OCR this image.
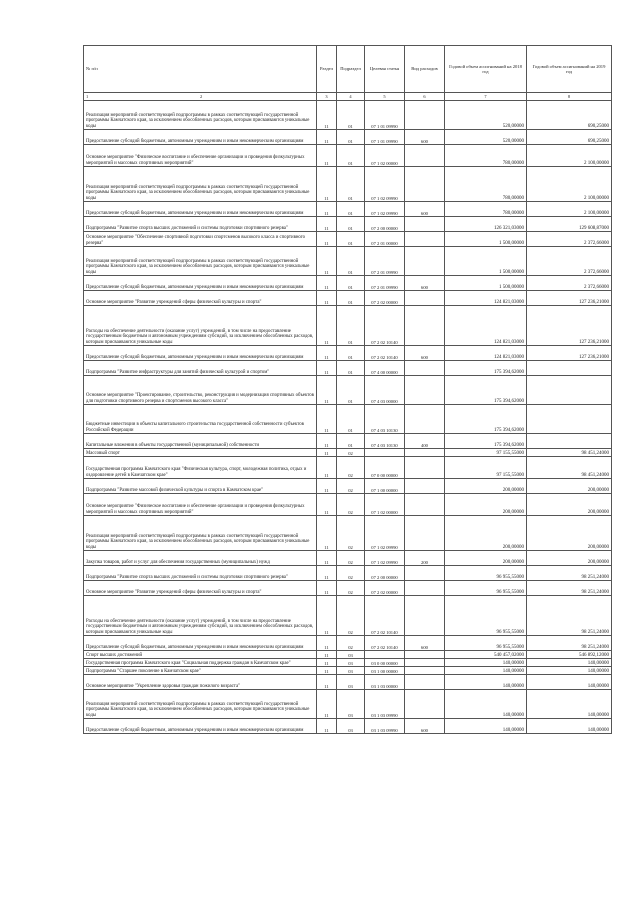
№ п/п	Раздел	Подраздел	Целевая статья	Вид расходов	Годовой объем ассигнований на 2018 год	Годовой объем ассигнований на 2019 год

1 2	3	4	5	6	7	8
Реализация мероприятий соответствующей подпрограммы в рамках соответствующей государственной программы Камчатского края, за исключением обособленных расходов, которым присваиваются уникальные коды	11	01	07 1 01 09990		520,00000	690,25000
Предоставление субсидий бюджетным, автономным учреждениям и иным некоммерческим организациям	11	01	07 1 01 09990	600	520,00000	690,25000
Основное мероприятие "Физическое воспитание и обеспечение организации и проведения физкультурных мероприятий и массовых спортивных мероприятий"	11	01	07 1 02 00000		780,00000	2 100,00000
Реализация мероприятий соответствующей подпрограммы в рамках соответствующей государственной программы Камчатского края, за исключением обособленных расходов, которым присваиваются уникальные коды	11	01	07 1 02 09990		780,00000	2 100,00000
Предоставление субсидий бюджетным, автономным учреждениям и иным некоммерческим организациям	11	01	07 1 02 09990	600	780,00000	2 100,00000
Подпрограмма "Развитие спорта высших достижений и системы подготовки спортивного резерва"	11	01	07 2 00 00000		126 321,03000	129 608,87000
Основное мероприятие "Обеспечение спортивной подготовки спортсменов высокого класса и спортивного резерва"	11	01	07 2 01 00000		1 500,00000	2 372,66000
Реализация мероприятий соответствующей подпрограммы в рамках соответствующей государственной программы Камчатского края, за исключением обособленных расходов, которым присваиваются уникальные коды	11	01	07 2 01 09990		1 500,00000	2 372,66000
Предоставление субсидий бюджетным, автономным учреждениям и иным некоммерческим организациям	11	01	07 2 01 09990	600	1 500,00000	2 372,66000
Основное мероприятие "Развитие учреждений сферы физической культуры и спорта"	11	01	07 2 02 00000		124 821,03000	127 236,21000
Расходы на обеспечение деятельности (оказание услуг) учреждений, в том числе на предоставление государственным бюджетным и автономным учреждениям субсидий, за исключением обособленных расходов, которым присваиваются уникальные коды	11	01	07 2 02 10140		124 821,03000	127 236,21000
Предоставление субсидий бюджетным, автономным учреждениям и иным некоммерческим организациям	11	01	07 2 02 10140	600	124 821,03000	127 236,21000
Подпрограмма "Развитие инфраструктуры для занятий физической культурой и спортом"	11	01	07 4 00 00000		175 394,62000	
Основное мероприятие "Проектирование, строительство, реконструкция и модернизация спортивных объектов для подготовки спортивного резерва и спортсменов высокого класса"	11	01	07 4 03 00000		175 394,62000	
Бюджетные инвестиции в объекты капитального строительства государственной собственности субъектов Российской Федерации	11	01	07 4 03 10130		175 394,62000	
Капитальные вложения в объекты государственной (муниципальной) собственности	11	01	07 4 03 10130	400	175 394,62000	
Массовый спорт	11	02			97 155,55000	98 451,24000
Государственная программа Камчатского края "Физическая культура, спорт, молодежная политика, отдых и оздоровление детей в Камчатском крае"	11	02	07 0 00 00000		97 155,55000	98 451,24000
Подпрограмма "Развитие массовой физической культуры и спорта в Камчатском крае"	11	02	07 1 00 00000		200,00000	200,00000
Основное мероприятие "Физическое воспитание и обеспечение организации и проведения физкультурных мероприятий и массовых спортивных мероприятий"	11	02	07 1 02 00000		200,00000	200,00000
Реализация мероприятий соответствующей подпрограммы в рамках соответствующей государственной программы Камчатского края, за исключением обособленных расходов, которым присваиваются уникальные коды	11	02	07 1 02 09990		200,00000	200,00000
Закупка товаров, работ и услуг для обеспечения государственных (муниципальных) нужд	11	02	07 1 02 09990	200	200,00000	200,00000
Подпрограмма "Развитие спорта высших достижений и системы подготовки спортивного резерва"	11	02	07 2 00 00000		96 955,55000	98 251,24000
Основное мероприятие "Развитие учреждений сферы физической культуры и спорта"	11	02	07 2 02 00000		96 955,55000	98 251,24000
Расходы на обеспечение деятельности (оказание услуг) учреждений, в том числе на предоставление государственным бюджетным и автономным учреждениям субсидий, за исключением обособленных расходов, которым присваиваются уникальные коды	11	02	07 2 02 10140		96 955,55000	98 251,24000
Предоставление субсидий бюджетным, автономным учреждениям и иным некоммерческим организациям	11	02	07 2 02 10140	600	96 955,55000	98 251,24000
Спорт высших достижений	11	03			540 457,02000	546 892,12000
Государственная программа Камчатского края "Социальная поддержка граждан в Камчатском крае"	11	03	03 0 00 00000		140,00000	140,00000
Подпрограмма "Старшее поколение в Камчатском крае"	11	03	03 1 00 00000		140,00000	140,00000
Основное мероприятие "Укрепление здоровья граждан пожилого возраста"	11	03	03 1 03 00000		140,00000	140,00000
Реализация мероприятий соответствующей подпрограммы в рамках соответствующей государственной программы Камчатского края, за исключением обособленных расходов, которым присваиваются уникальные коды	11	03	03 1 03 09990		140,00000	140,00000
Предоставление субсидий бюджетным, автономным учреждениям и иным некоммерческим организациям	11	03	03 1 03 09990	600	140,00000	140,00000
